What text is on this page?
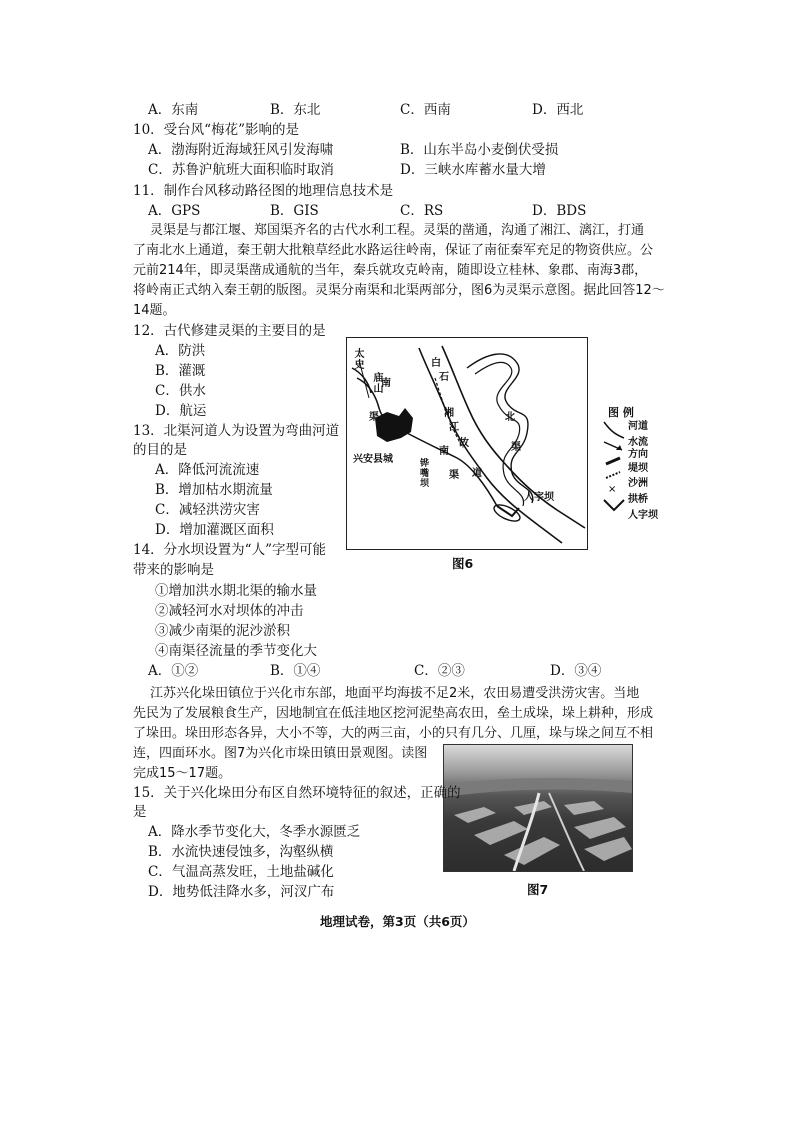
A．东南	B．东北	C．西南	D．西北
10．受台风“梅花”影响的是
A．渤海附近海域狂风引发海啸	B．山东半岛小麦倒伏受损
C．苏鲁沪航班大面积临时取消	D．三峡水库蓄水量大增
11．制作台风移动路径图的地理信息技术是
A．GPS	B．GIS	C．RS	D．BDS
灵渠是与都江堰、郑国渠齐名的古代水利工程。灵渠的凿通，沟通了湘江、漓江，打通
了南北水上通道，秦王朝大批粮草经此水路运往岭南，保证了南征秦军充足的物资供应。公
元前214年，即灵渠凿成通航的当年，秦兵就攻克岭南，随即设立桂林、象郡、南海3郡，
将岭南正式纳入秦王朝的版图。灵渠分南渠和北渠两部分，图6为灵渠示意图。据此回答12～
14题。
12．古代修建灵渠的主要目的是
A．防洪
B．灌溉
C．供水
D．航运
13．北渠河道人为设置为弯曲河道
的目的是
A．降低河流流速
B．增加枯水期流量
C．减轻洪涝灾害
D．增加灌溉区面积
14．分水坝设置为“人”字型可能
带来的影响是
①增加洪水期北渠的输水量
②减轻河水对坝体的冲击
③减少南渠的泥沙淤积
④南渠径流量的季节变化大
A．①②	B．①④	C．②③	D．③④
太史
庙山 南
渠
兴安县城
白
石
湘
江
故
道
北
渠
南
渠
铧嘴坝
人字坝
图 例
×
河道
水流方向
堤坝
沙洲
拱桥
人字坝
图6
江苏兴化垛田镇位于兴化市东部，地面平均海拔不足2米，农田易遭受洪涝灾害。当地
先民为了发展粮食生产，因地制宜在低洼地区挖河泥垫高农田，垒土成垛，垛上耕种，形成
了垛田。垛田形态各异，大小不等，大的两三亩，小的只有几分、几厘，垛与垛之间互不相
连，四面环水。图7为兴化市垛田镇田景观图。读图
完成15～17题。
图7
15．关于兴化垛田分布区自然环境特征的叙述，正确的
是
A．降水季节变化大，冬季水源匮乏
B．水流快速侵蚀多，沟壑纵横
C．气温高蒸发旺，土地盐碱化
D．地势低洼降水多，河汊广布
地理试卷，第3页（共6页）
